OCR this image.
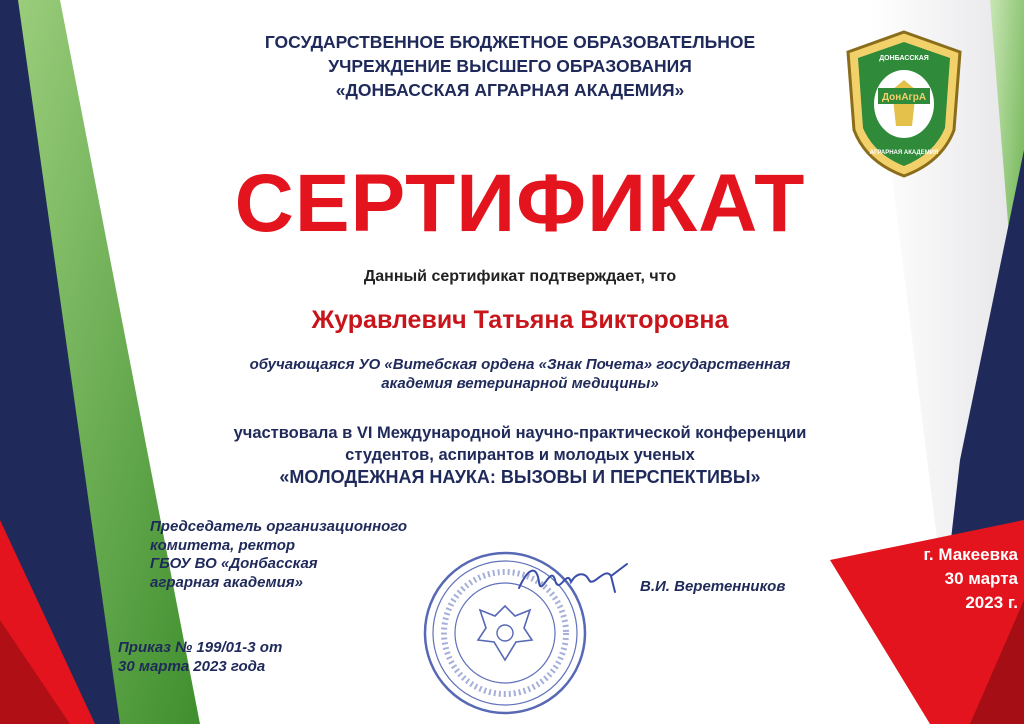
ДонАгрА
ДОНБАССКАЯ
АГРАРНАЯ АКАДЕМИЯ
ГОСУДАРСТВЕННОЕ БЮДЖЕТНОЕ ОБРАЗОВАТЕЛЬНОЕ
УЧРЕЖДЕНИЕ ВЫСШЕГО ОБРАЗОВАНИЯ
«ДОНБАССКАЯ АГРАРНАЯ АКАДЕМИЯ»
СЕРТИФИКАТ
Данный сертификат подтверждает, что
Журавлевич Татьяна Викторовна
обучающаяся УО «Витебская ордена «Знак Почета» государственная
академия ветеринарной медицины»
участвовала в VI Международной научно-практической конференции
студентов, аспирантов и молодых ученых
«МОЛОДЕЖНАЯ НАУКА: ВЫЗОВЫ И ПЕРСПЕКТИВЫ»
Председатель организационного
комитета, ректор
ГБОУ ВО «Донбасская
аграрная академия»	В.И. Веретенников
Приказ № 199/01-3 от
30 марта 2023 года
г. Макеевка
30 марта
2023 г.
